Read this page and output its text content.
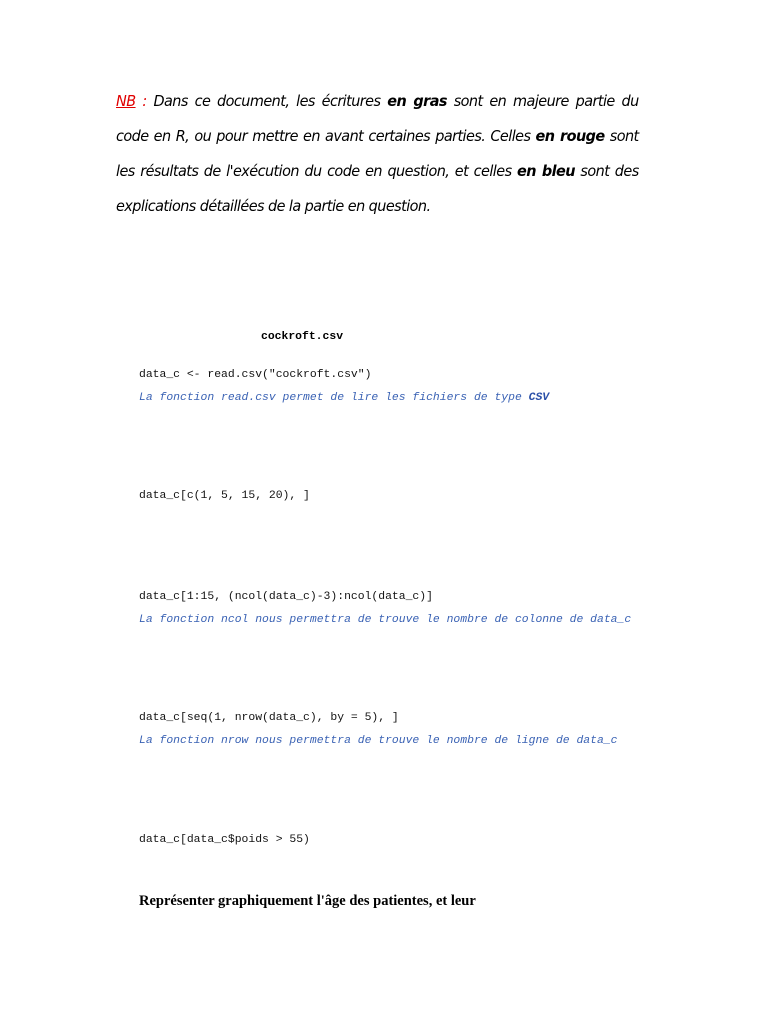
NB : Dans ce document, les écritures en gras sont en majeure partie du code en R, ou pour mettre en avant certaines parties. Celles en rouge sont les résultats de l'exécution du code en question, et celles en bleu sont des explications détaillées de la partie en question.
cockroft.csv
data_c <- read.csv("cockroft.csv")
La fonction read.csv permet de lire les fichiers de type CSV
data_c[c(1, 5, 15, 20), ]
data_c[1:15, (ncol(data_c)-3):ncol(data_c)]
La fonction ncol nous permettra de trouve le nombre de colonne de data_c
data_c[seq(1, nrow(data_c), by = 5), ]
La fonction nrow nous permettra de trouve le nombre de ligne de data_c
data_c[data_c$poids > 55)
Représenter graphiquement l'âge des patientes, et leur
